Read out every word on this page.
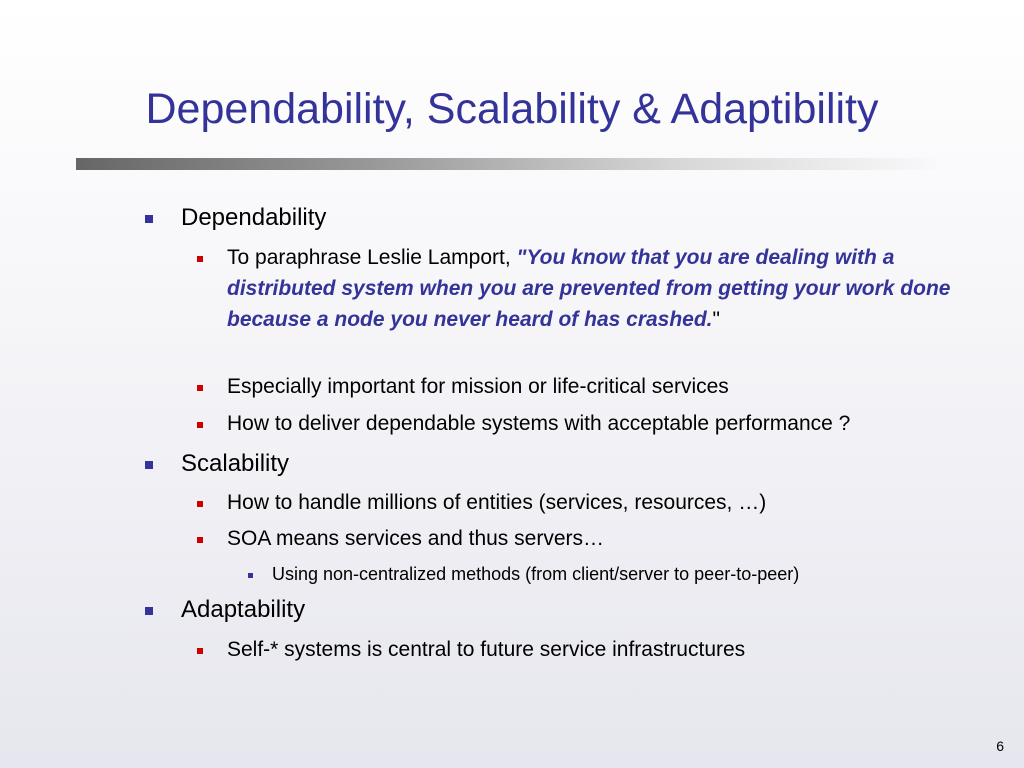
Dependability, Scalability & Adaptibility
Dependability
To paraphrase Leslie Lamport, "You know that you are dealing with a distributed system when you are prevented from getting your work done because a node you never heard of has crashed."
Especially important for mission or life-critical services
How to deliver dependable systems with acceptable performance ?
Scalability
How to handle millions of entities (services, resources, …)
SOA means services and thus servers…
Using non-centralized methods (from client/server to peer-to-peer)
Adaptability
Self-* systems is central to future service infrastructures
6
